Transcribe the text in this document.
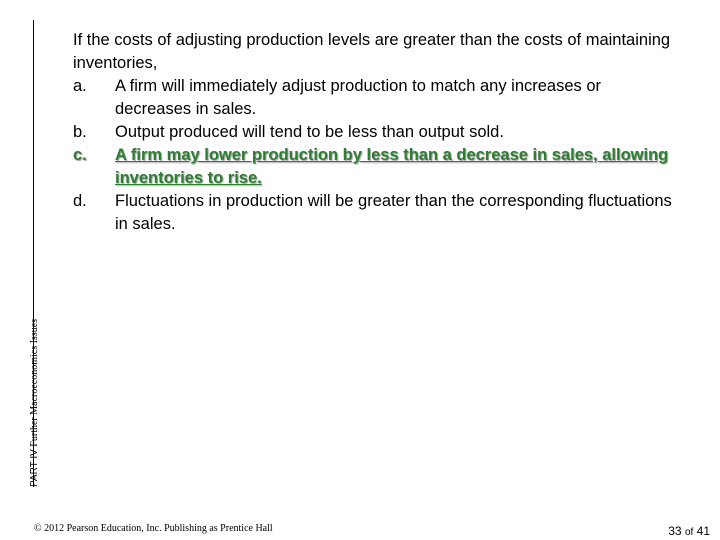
If the costs of adjusting production levels are greater than the costs of maintaining inventories,

a. A firm will immediately adjust production to match any increases or decreases in sales.
b. Output produced will tend to be less than output sold.
c. A firm may lower production by less than a decrease in sales, allowing inventories to rise.
d. Fluctuations in production will be greater than the corresponding fluctuations in sales.
PART IV Further Macroeconomics Issues
© 2012 Pearson Education, Inc. Publishing as Prentice Hall	33 of 41
